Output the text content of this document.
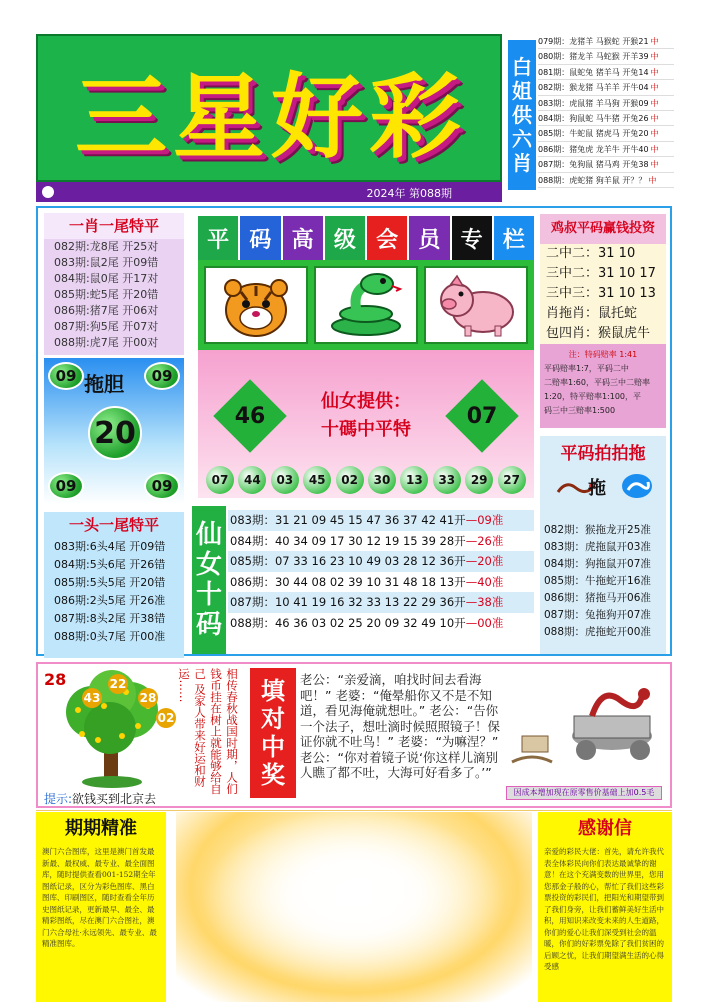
三星好彩
2024年 第088期
白姐供六肖
079期：龙猪羊 马猴蛇 开猴21 中
080期：猪龙羊 马蛇猴 开羊39 中
081期：鼠蛇兔 猪羊马 开兔14 中
082期：猴龙猪 马羊羊 开牛04 中
083期：虎鼠猪 羊马狗 开猴09 中
084期：狗鼠蛇 马牛猪 开兔26 中
085期：牛蛇鼠 猪虎马 开兔20 中
086期：猪兔虎 龙羊牛 开牛40 中
087期：兔狗鼠 猪马鸡 开兔38 中
088期：虎蛇猪 狗羊鼠 开？？ 中
一肖一尾特平
082期:龙8尾 开25对
083期:鼠2尾 开09错
084期:鼠0尾 开17对
085期:蛇5尾 开20错
086期:猪7尾 开06对
087期:狗5尾 开07对
088期:虎7尾 开00对
09 拖胆	09
20
09	09
一头一尾特平
083期:6头4尾 开09错
084期:5头6尾 开26错
085期:5头5尾 开20错
086期:2头5尾 开26准
087期:8头2尾 开38错
088期:0头7尾 开00准
平 码 高 级 会 员 专 栏
46
仙女提供：
十碼中平特
07
07	44	03	45	02	30	13	33	29	27
鸡叔平码赢钱投资
二中二：31 10
三中二：31 10 17
三中三：31 10 13
肖拖肖：鼠托蛇
包四肖：猴鼠虎牛
注：特码赔率 1:41
平码赔率1:7，平码二中
二赔率1:60，平码三中二赔率
1:20，特平赔率1:100，平
码三中三赔率1:500
平码拍拍拖
拖
082期：猴拖龙开25准
083期：虎拖鼠开03准
084期：狗拖鼠开07准
085期：牛拖蛇开16准
086期：猪拖马开06准
087期：兔拖狗开07准
088期：虎拖蛇开00准
仙女十码
083期：31 21 09 45 15 47 36 37 42 41开—09准
084期：40 34 09 17 30 12 19 15 39 28开—26准
085期：07 33 16 23 10 49 03 28 12 36开—20准
086期：30 44 08 02 39 10 31 48 18 13开—40准
087期：10 41 19 16 32 33 13 22 29 36开—38准
088期：46 36 03 02 25 20 09 32 49 10开—00准
43
22
28
02
28
提示:欲钱买到北京去
相传春秋战国时期，人们 钱币挂在树上就能够给自己 及家人带来好运和财运……	填对中奖
老公：“亲爱滴，咱找时间去看海吧！” 老婆：“俺晕船你又不是不知道，看见海俺就想吐。” 老公：“告你一个法子，想吐滴时候照照镜子！保证你就不吐鸟！” 老婆：“为嘛涅？” 老公：“你对着镜子说‘你这样儿滴别人瞧了都不吐，大海可好看多了。’”
因成本增加现在原零售价基础上加0.5毛
期期精准

澳门六合图库，这里是澳门首发最新最、最权威、最专业、最全面图库，随时提供查看001-152期全年图纸记录，区分为彩色图库、黑白图库、印刷图区，随时查看全年历史图纸记录，更新最早、最全、最精彩图纸，尽在澳门六合图社，澳门六合母社·永远领先、最专业、最精准图库。

感谢信

亲爱的彩民大佬：首先，请允许我代表全体彩民向你们表达最诚挚的谢意！在这个充满变数的世界里，您用您那金子般的心，帮忙了我们这些彩票投资的彩民们，把阳光和期望带到了我们身旁，让我们蓄鲜美好生活中积，用知识来改变未来的人生道路，你们的爱心让我们深受到社会的温暖，你们的好彩票免除了我们贫困的后顾之忧，让我们期望满生活的心得受感
